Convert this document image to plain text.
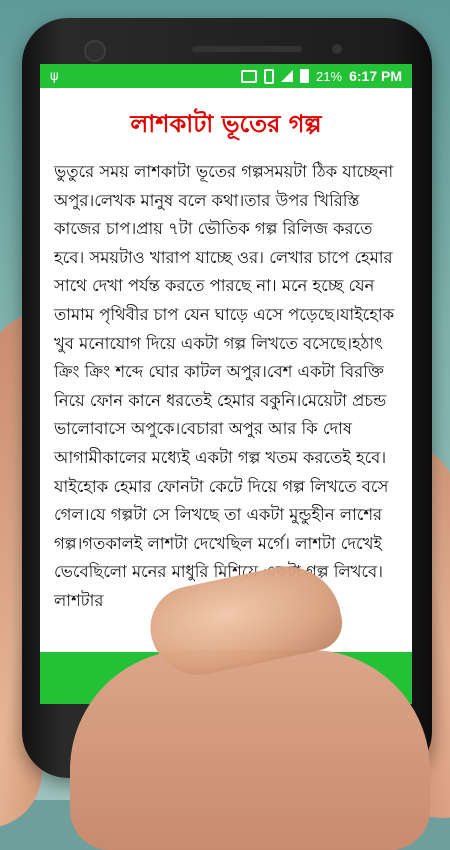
ψ	21% 6:17 PM
লাশকাটা ভূতের গল্প

ভুতুরে সময় লাশকাটা ভূতের গল্পসময়টা ঠিক যাচ্ছেনা অপুর।লেখক মানুষ বলে কথা।তার উপর খিরিস্তি কাজের চাপ।প্রায় ৭টা ভৌতিক গল্প রিলিজ করতে হবে। সময়টাও খারাপ যাচ্ছে ওর। লেখার চাপে হেমার সাথে দেখা পর্যন্ত করতে পারছে না। মনে হচ্ছে যেন তামাম পৃথিবীর চাপ যেন ঘাড়ে এসে পড়েছে।যাইহোক খুব মনোযোগ দিয়ে একটা গল্প লিখতে বসেছে।হঠাৎ ক্রিং ক্রিং শব্দে ঘোর কাটল অপুর।বেশ একটা বিরক্তি নিয়ে ফোন কানে ধরতেই হেমার বকুনি।মেয়েটা প্রচন্ড ভালোবাসে অপুকে।বেচারা অপুর আর কি দোষ আগামীকালের মধ্যেই একটা গল্প খতম করতেই হবে। যাইহোক হেমার ফোনটা কেটে দিয়ে গল্প লিখতে বসে গেল।যে গল্পটা সে লিখছে তা একটা মুন্ডুহীন লাশের গল্প।গতকালই লাশটা দেখেছিল মর্গে। লাশটা দেখেই ভেবেছিলো মনের মাধুরি মিশিয়ে একটা গল্প লিখবে। লাশটার
